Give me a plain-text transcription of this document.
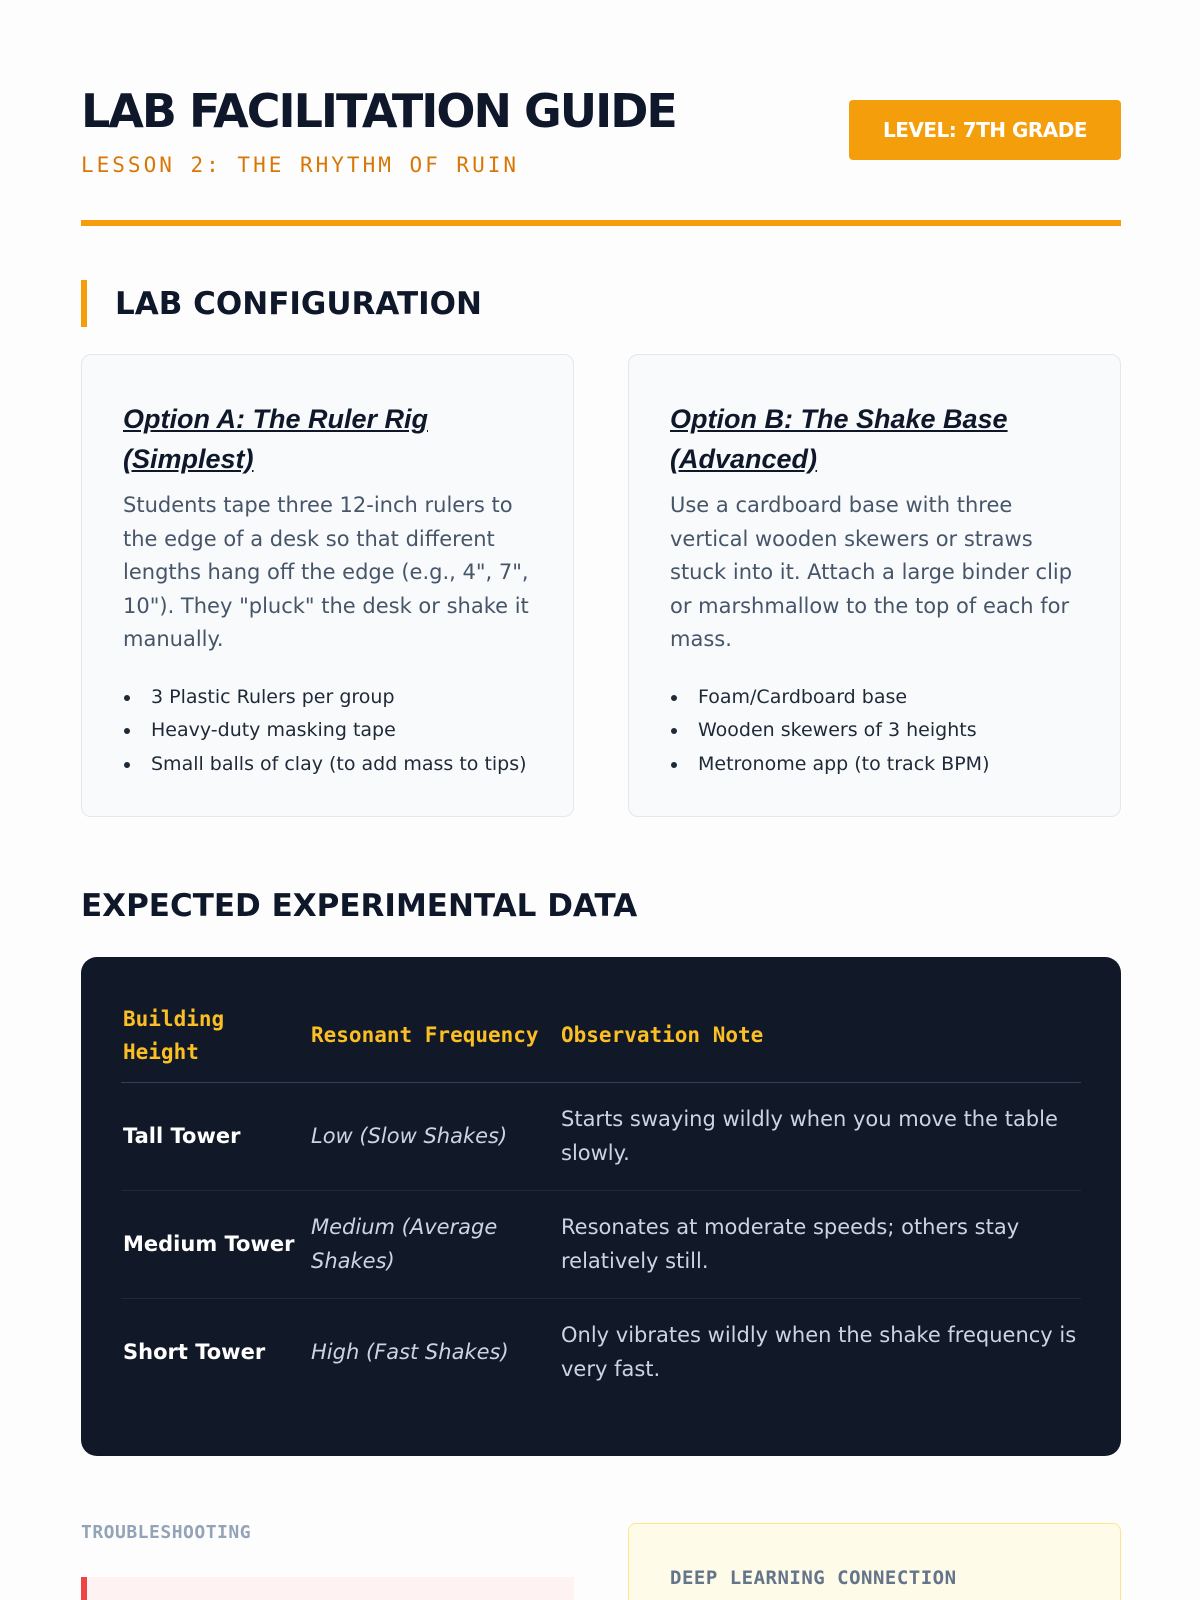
LAB FACILITATION GUIDE
LESSON 2: THE RHYTHM OF RUIN
LEVEL: 7TH GRADE
LAB CONFIGURATION
Option A: The Ruler Rig (Simplest)

Students tape three 12-inch rulers to the edge of a desk so that different lengths hang off the edge (e.g., 4", 7", 10"). They "pluck" the desk or shake it manually.

3 Plastic Rulers per group
Heavy-duty masking tape
Small balls of clay (to add mass to tips)
Option B: The Shake Base (Advanced)

Use a cardboard base with three vertical wooden skewers or straws stuck into it. Attach a large binder clip or marshmallow to the top of each for mass.

Foam/Cardboard base
Wooden skewers of 3 heights
Metronome app (to track BPM)
EXPECTED EXPERIMENTAL DATA
Building Height	Resonant Frequency	Observation Note
Tall Tower	Low (Slow Shakes)	Starts swaying wildly when you move the table slowly.
Medium Tower	Medium (Average Shakes)	Resonates at moderate speeds; others stay relatively still.
Short Tower	High (Fast Shakes)	Only vibrates wildly when the shake frequency is very fast.
TROUBLESHOOTING
DEEP LEARNING CONNECTION
